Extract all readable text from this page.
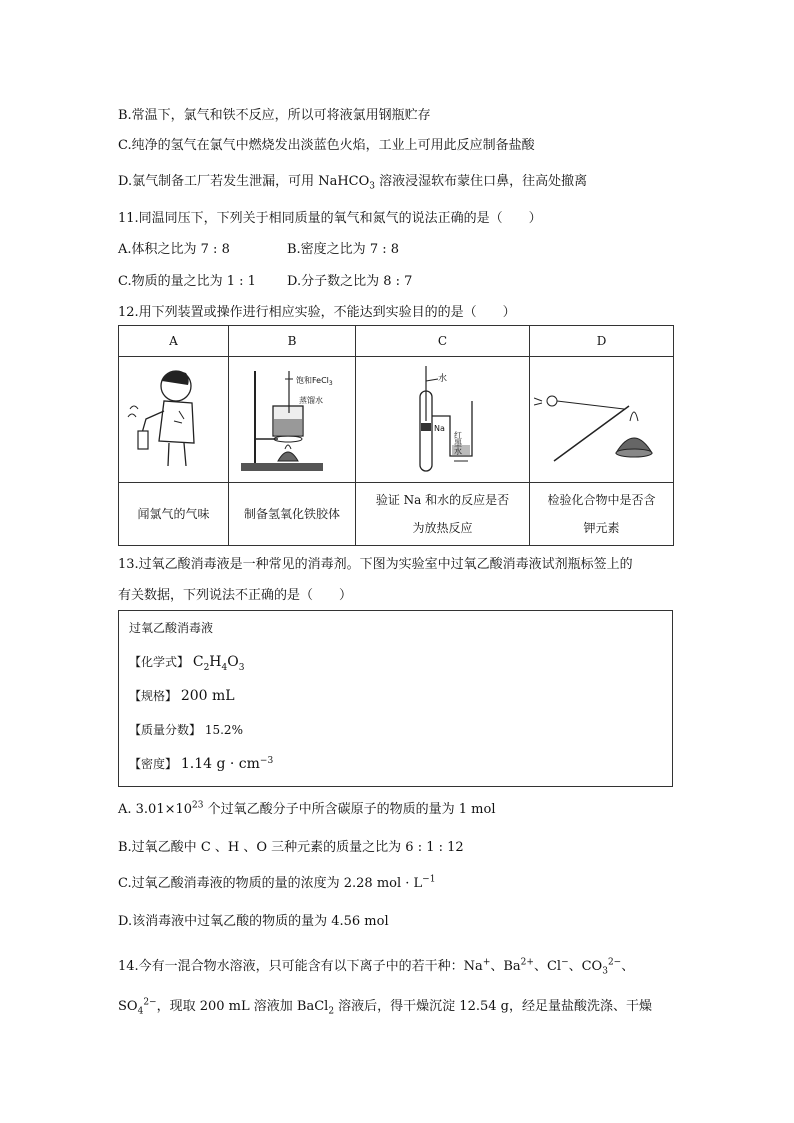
B.常温下，氯气和铁不反应，所以可将液氯用钢瓶贮存
C.纯净的氢气在氯气中燃烧发出淡蓝色火焰，工业上可用此反应制备盐酸
D.氯气制备工厂若发生泄漏，可用 NaHCO$_3$ 溶液浸湿软布蒙住口鼻，往高处撤离
11.同温同压下，下列关于相同质量的氧气和氮气的说法正确的是（　　）
A.体积之比为 7 : 8	B.密度之比为 7 : 8
C.物质的量之比为 1 : 1 D.分子数之比为 8 : 7
12.用下列装置或操作进行相应实验，不能达到实验目的的是（　　）
A	B	C	D

饱和FeCl$_3$
蒸馏水	水
Na
红墨水

闻氯气的气味	制备氢氧化铁胶体	验证 Na 和水的反应是否为放热反应	检验化合物中是否含钾元素
13.过氧乙酸消毒液是一种常见的消毒剂。下图为实验室中过氧乙酸消毒液试剂瓶标签上的
有关数据，下列说法不正确的是（　　）
过氧乙酸消毒液
【化学式】 $C_2H_4O_3$
【规格】 200 mL
【质量分数】 15.2%
【密度】 1.14 $g \cdot cm^{-3}$
A. $3.01\times 10^{23}$ 个过氧乙酸分子中所含碳原子的物质的量为 1 mol
B.过氧乙酸中 C 、H 、O 三种元素的质量之比为 6 : 1 : 12
C.过氧乙酸消毒液的物质的量的浓度为 2.28 mol · $L^{-1}$
D.该消毒液中过氧乙酸的物质的量为 4.56 mol
14.今有一混合物水溶液，只可能含有以下离子中的若干种：Na+、$Ba^{2+}$、Cl−、$CO_3^{2-}$、
$SO_4^{2-}$，现取 200 mL 溶液加 BaCl$_2$ 溶液后，得干燥沉淀 12.54 g，经足量盐酸洗涤、干燥
